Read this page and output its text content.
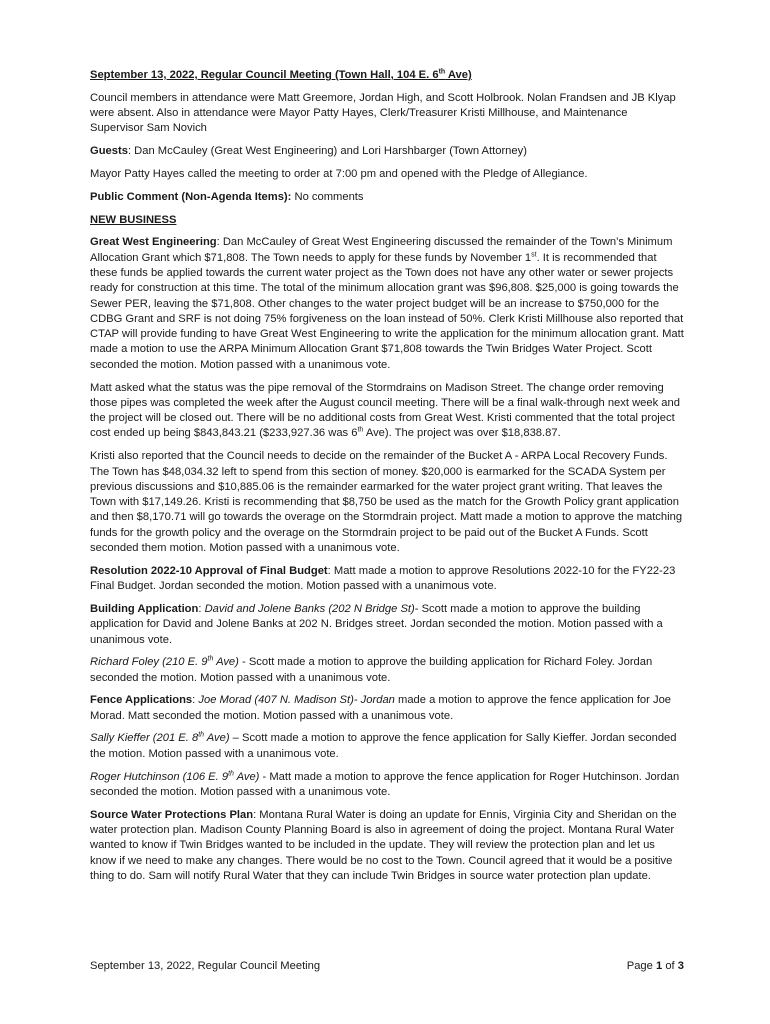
September 13, 2022, Regular Council Meeting (Town Hall, 104 E. 6th Ave)

Council members in attendance were Matt Greemore, Jordan High, and Scott Holbrook. Nolan Frandsen and JB Klyap were absent. Also in attendance were Mayor Patty Hayes, Clerk/Treasurer Kristi Millhouse, and Maintenance Supervisor Sam Novich

Guests: Dan McCauley (Great West Engineering) and Lori Harshbarger (Town Attorney)

Mayor Patty Hayes called the meeting to order at 7:00 pm and opened with the Pledge of Allegiance.

Public Comment (Non-Agenda Items): No comments

NEW BUSINESS

Great West Engineering: Dan McCauley of Great West Engineering discussed the remainder of the Town’s Minimum Allocation Grant which $71,808. The Town needs to apply for these funds by November 1st. It is recommended that these funds be applied towards the current water project as the Town does not have any other water or sewer projects ready for construction at this time. The total of the minimum allocation grant was $96,808. $25,000 is going towards the Sewer PER, leaving the $71,808. Other changes to the water project budget will be an increase to $750,000 for the CDBG Grant and SRF is not doing 75% forgiveness on the loan instead of 50%. Clerk Kristi Millhouse also reported that CTAP will provide funding to have Great West Engineering to write the application for the minimum allocation grant. Matt made a motion to use the ARPA Minimum Allocation Grant $71,808 towards the Twin Bridges Water Project. Scott seconded the motion. Motion passed with a unanimous vote.

Matt asked what the status was the pipe removal of the Stormdrains on Madison Street. The change order removing those pipes was completed the week after the August council meeting. There will be a final walk-through next week and the project will be closed out. There will be no additional costs from Great West. Kristi commented that the total project cost ended up being $843,843.21 ($233,927.36 was 6th Ave). The project was over $18,838.87.

Kristi also reported that the Council needs to decide on the remainder of the Bucket A - ARPA Local Recovery Funds. The Town has $48,034.32 left to spend from this section of money. $20,000 is earmarked for the SCADA System per previous discussions and $10,885.06 is the remainder earmarked for the water project grant writing. That leaves the Town with $17,149.26. Kristi is recommending that $8,750 be used as the match for the Growth Policy grant application and then $8,170.71 will go towards the overage on the Stormdrain project. Matt made a motion to approve the matching funds for the growth policy and the overage on the Stormdrain project to be paid out of the Bucket A Funds. Scott seconded them motion. Motion passed with a unanimous vote.

Resolution 2022-10 Approval of Final Budget: Matt made a motion to approve Resolutions 2022-10 for the FY22-23 Final Budget. Jordan seconded the motion. Motion passed with a unanimous vote.

Building Application: David and Jolene Banks (202 N Bridge St)- Scott made a motion to approve the building application for David and Jolene Banks at 202 N. Bridges street. Jordan seconded the motion. Motion passed with a unanimous vote.

Richard Foley (210 E. 9th Ave) - Scott made a motion to approve the building application for Richard Foley. Jordan seconded the motion. Motion passed with a unanimous vote.

Fence Applications: Joe Morad (407 N. Madison St)- Jordan made a motion to approve the fence application for Joe Morad. Matt seconded the motion. Motion passed with a unanimous vote.

Sally Kieffer (201 E. 8th Ave) – Scott made a motion to approve the fence application for Sally Kieffer. Jordan seconded the motion. Motion passed with a unanimous vote.

Roger Hutchinson (106 E. 9th Ave) - Matt made a motion to approve the fence application for Roger Hutchinson. Jordan seconded the motion. Motion passed with a unanimous vote.

Source Water Protections Plan: Montana Rural Water is doing an update for Ennis, Virginia City and Sheridan on the water protection plan. Madison County Planning Board is also in agreement of doing the project. Montana Rural Water wanted to know if Twin Bridges wanted to be included in the update. They will review the protection plan and let us know if we need to make any changes. There would be no cost to the Town. Council agreed that it would be a positive thing to do. Sam will notify Rural Water that they can include Twin Bridges in source water protection plan update.

September 13, 2022, Regular Council Meeting	Page 1 of 3
